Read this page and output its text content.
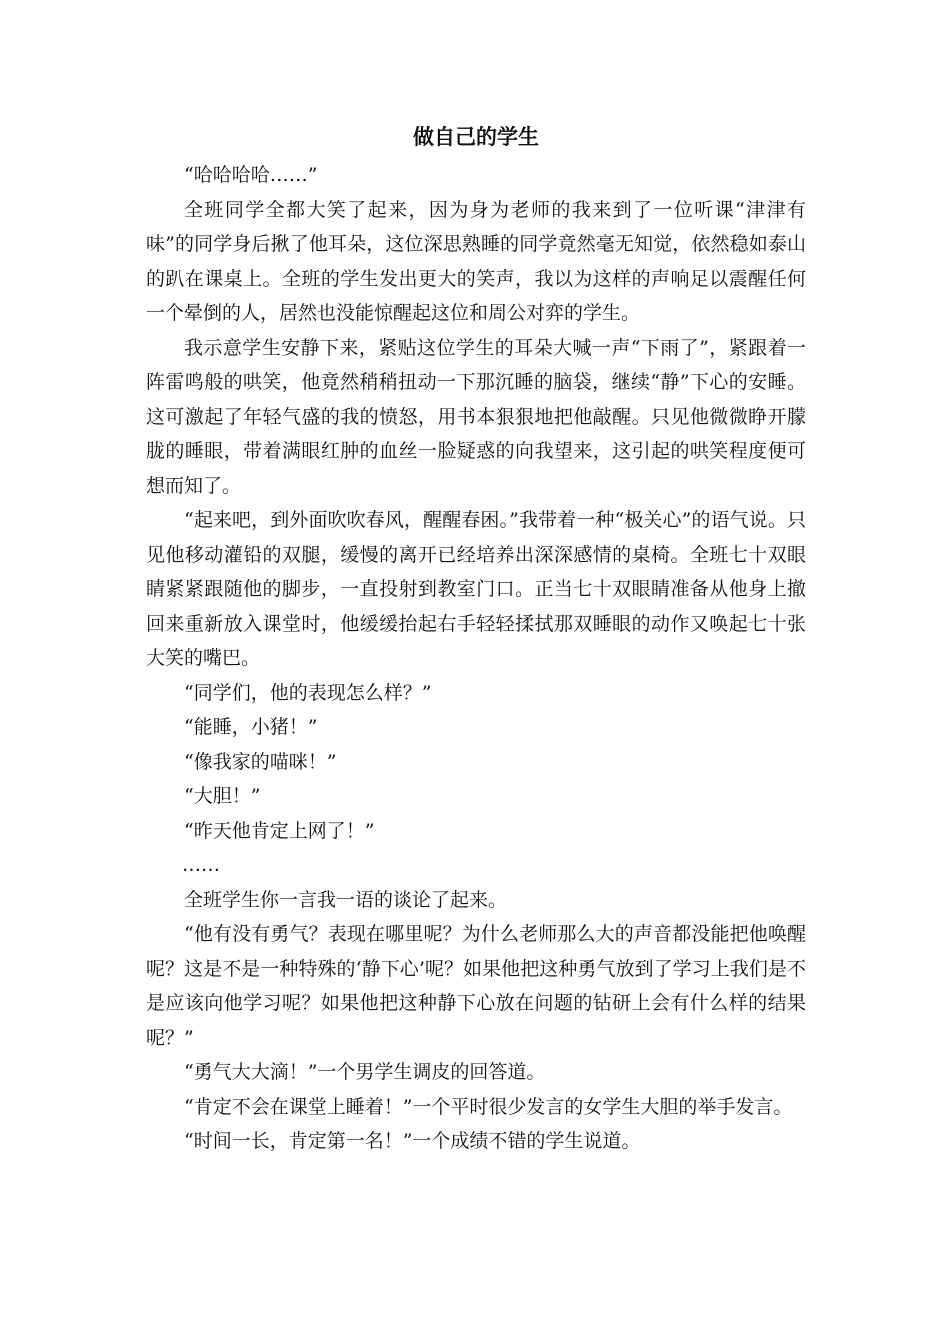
做自己的学生

“哈哈哈哈……”

全班同学全都大笑了起来，因为身为老师的我来到了一位听课“津津有味”的同学身后揪了他耳朵，这位深思熟睡的同学竟然毫无知觉，依然稳如泰山的趴在课桌上。全班的学生发出更大的笑声，我以为这样的声响足以震醒任何一个晕倒的人，居然也没能惊醒起这位和周公对弈的学生。

我示意学生安静下来，紧贴这位学生的耳朵大喊一声“下雨了”，紧跟着一阵雷鸣般的哄笑，他竟然稍稍扭动一下那沉睡的脑袋，继续“静”下心的安睡。这可激起了年轻气盛的我的愤怒，用书本狠狠地把他敲醒。只见他微微睁开朦胧的睡眼，带着满眼红肿的血丝一脸疑惑的向我望来，这引起的哄笑程度便可想而知了。

“起来吧，到外面吹吹春风，醒醒春困。”我带着一种“极关心”的语气说。只见他移动灌铅的双腿，缓慢的离开已经培养出深深感情的桌椅。全班七十双眼睛紧紧跟随他的脚步，一直投射到教室门口。正当七十双眼睛准备从他身上撤回来重新放入课堂时，他缓缓抬起右手轻轻揉拭那双睡眼的动作又唤起七十张大笑的嘴巴。

“同学们，他的表现怎么样？”

“能睡，小猪！”

“像我家的喵咪！”

“大胆！”

“昨天他肯定上网了！”

……

全班学生你一言我一语的谈论了起来。

“他有没有勇气？表现在哪里呢？为什么老师那么大的声音都没能把他唤醒呢？这是不是一种特殊的‘静下心’呢？如果他把这种勇气放到了学习上我们是不是应该向他学习呢？如果他把这种静下心放在问题的钻研上会有什么样的结果呢？”

“勇气大大滴！”一个男学生调皮的回答道。

“肯定不会在课堂上睡着！”一个平时很少发言的女学生大胆的举手发言。

“时间一长，肯定第一名！”一个成绩不错的学生说道。
